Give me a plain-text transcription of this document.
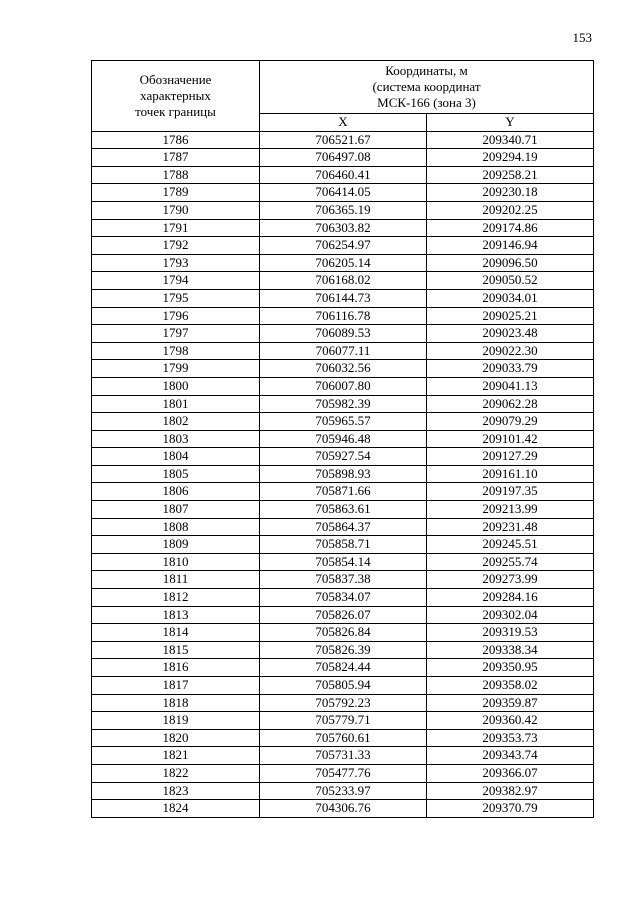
153
Обозначение
характерных
точек границы	Координаты, м
(система координат
МСК-166 (зона 3)	

	X	Y
1786	706521.67	209340.71
1787	706497.08	209294.19
1788	706460.41	209258.21
1789	706414.05	209230.18
1790	706365.19	209202.25
1791	706303.82	209174.86
1792	706254.97	209146.94
1793	706205.14	209096.50
1794	706168.02	209050.52
1795	706144.73	209034.01
1796	706116.78	209025.21
1797	706089.53	209023.48
1798	706077.11	209022.30
1799	706032.56	209033.79
1800	706007.80	209041.13
1801	705982.39	209062.28
1802	705965.57	209079.29
1803	705946.48	209101.42
1804	705927.54	209127.29
1805	705898.93	209161.10
1806	705871.66	209197.35
1807	705863.61	209213.99
1808	705864.37	209231.48
1809	705858.71	209245.51
1810	705854.14	209255.74
1811	705837.38	209273.99
1812	705834.07	209284.16
1813	705826.07	209302.04
1814	705826.84	209319.53
1815	705826.39	209338.34
1816	705824.44	209350.95
1817	705805.94	209358.02
1818	705792.23	209359.87
1819	705779.71	209360.42
1820	705760.61	209353.73
1821	705731.33	209343.74
1822	705477.76	209366.07
1823	705233.97	209382.97
1824	704306.76	209370.79
